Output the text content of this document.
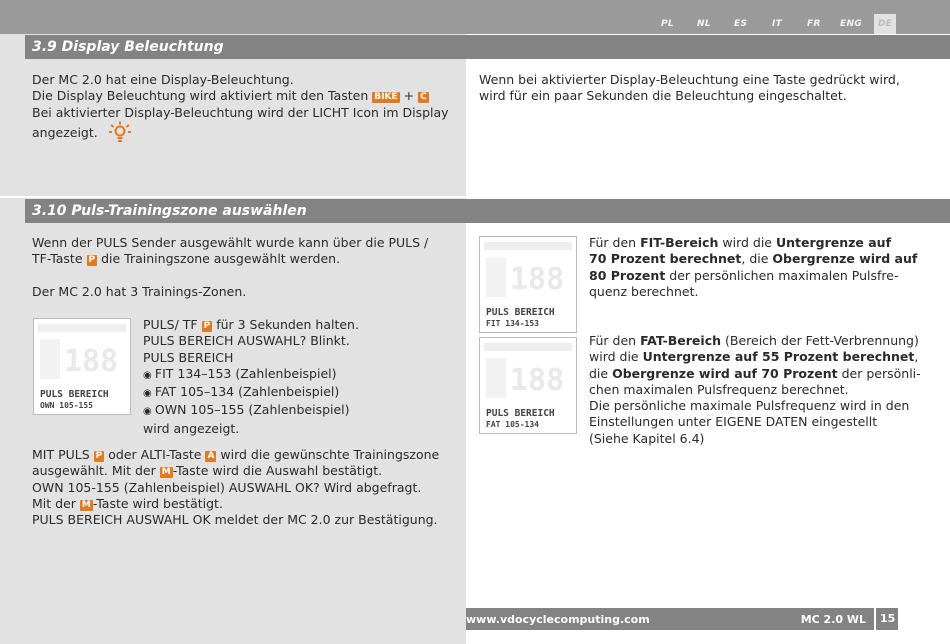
PL	NL	ES	IT	FR ENG	DE
3.9 Display Beleuchtung
Der MC 2.0 hat eine Display-Beleuchtung.
Die Display Beleuchtung wird aktiviert mit den Tasten BIKE + C
Bei aktivierter Display-Beleuchtung wird der LICHT Icon im Display
angezeigt.
Wenn bei aktivierter Display-Beleuchtung eine Taste gedrückt wird,
wird für ein paar Sekunden die Beleuchtung eingeschaltet.
3.10 Puls-Trainingszone auswählen
Wenn der PULS Sender ausgewählt wurde kann über die PULS /
TF-Taste P die Trainingszone ausgewählt werden.
Der MC 2.0 hat 3 Trainings-Zonen.
188
PULS BEREICH
OWN 105-155
PULS/ TF P für 3 Sekunden halten.
PULS BEREICH AUSWAHL? Blinkt.
PULS BEREICH
◉ FIT 134–153 (Zahlenbeispiel)
◉ FAT 105–134 (Zahlenbeispiel)
◉ OWN 105–155 (Zahlenbeispiel)
wird angezeigt.
MIT PULS P oder ALTI-Taste A wird die gewünschte Trainingszone
ausgewählt. Mit der M -Taste wird die Auswahl bestätigt.
OWN 105-155 (Zahlenbeispiel) AUSWAHL OK? Wird abgefragt.
Mit der M -Taste wird bestätigt.
PULS BEREICH AUSWAHL OK meldet der MC 2.0 zur Bestätigung.
188
PULS BEREICH
FIT 134-153
188
PULS BEREICH
FAT 105-134
Für den FIT-Bereich wird die Untergrenze auf
70 Prozent berechnet, die Obergrenze wird auf
80 Prozent der persönlichen maximalen Pulsfre-
quenz berechnet.
Für den FAT-Bereich (Bereich der Fett-Verbrennung)
wird die Untergrenze auf 55 Prozent berechnet,
die Obergrenze wird auf 70 Prozent der persönli-
chen maximalen Pulsfrequenz berechnet.
Die persönliche maximale Pulsfrequenz wird in den
Einstellungen unter EIGENE DATEN eingestellt
(Siehe Kapitel 6.4)
www.vdocyclecomputing.com	MC 2.0 WL 15
